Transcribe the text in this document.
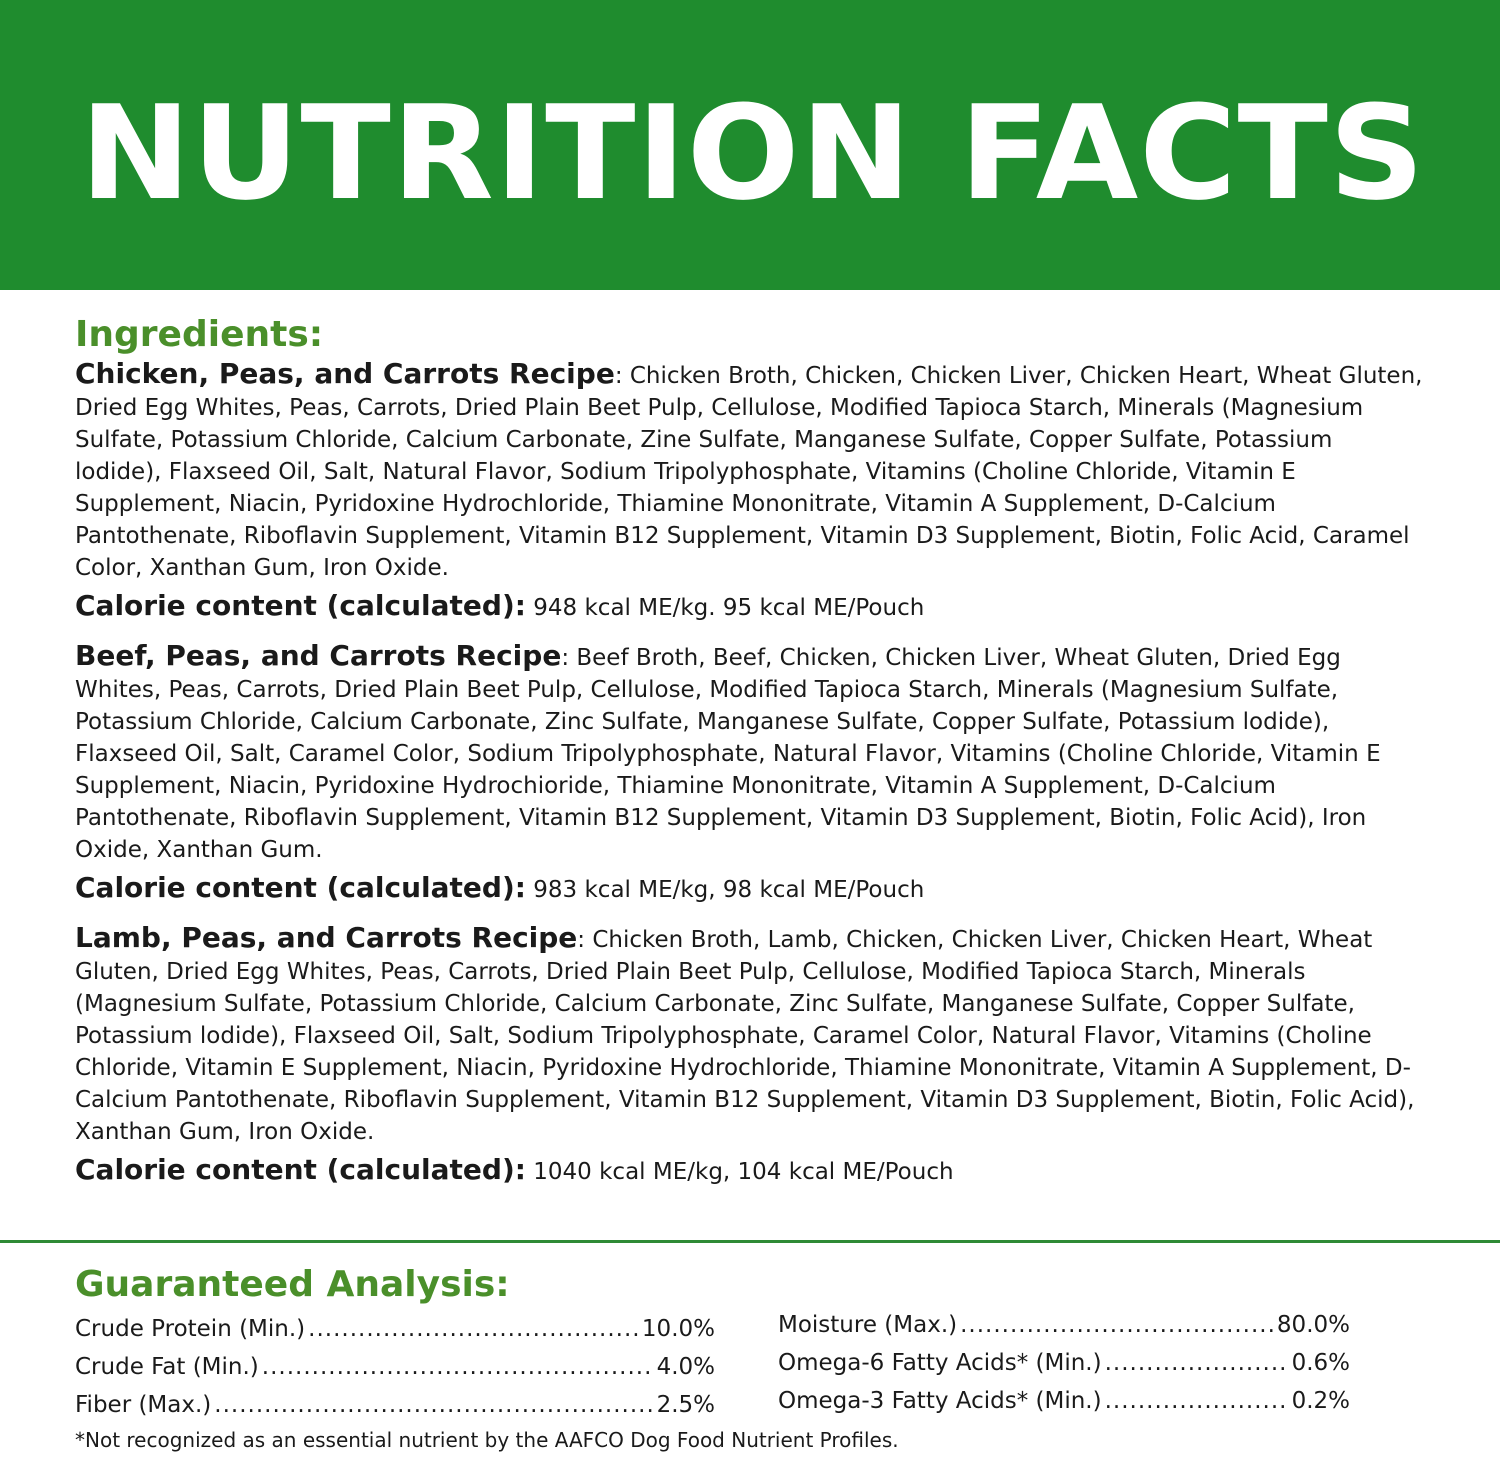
NUTRITION FACTS
Ingredients:

Chicken, Peas, and Carrots Recipe: Chicken Broth, Chicken, Chicken Liver, Chicken Heart, Wheat Gluten, Dried Egg Whites, Peas, Carrots, Dried Plain Beet Pulp, Cellulose, Modified Tapioca Starch, Minerals (Magnesium Sulfate, Potassium Chloride, Calcium Carbonate, Zine Sulfate, Manganese Sulfate, Copper Sulfate, Potassium lodide), Flaxseed Oil, Salt, Natural Flavor, Sodium Tripolyphosphate, Vitamins (Choline Chloride, Vitamin E Supplement, Niacin, Pyridoxine Hydrochloride, Thiamine Mononitrate, Vitamin A Supplement, D-Calcium Pantothenate, Riboflavin Supplement, Vitamin B12 Supplement, Vitamin D3 Supplement, Biotin, Folic Acid, Caramel Color, Xanthan Gum, Iron Oxide.

Calorie content (calculated): 948 kcal ME/kg. 95 kcal ME/Pouch

Beef, Peas, and Carrots Recipe: Beef Broth, Beef, Chicken, Chicken Liver, Wheat Gluten, Dried Egg Whites, Peas, Carrots, Dried Plain Beet Pulp, Cellulose, Modified Tapioca Starch, Minerals (Magnesium Sulfate, Potassium Chloride, Calcium Carbonate, Zinc Sulfate, Manganese Sulfate, Copper Sulfate, Potassium lodide), Flaxseed Oil, Salt, Caramel Color, Sodium Tripolyphosphate, Natural Flavor, Vitamins (Choline Chloride, Vitamin E Supplement, Niacin, Pyridoxine Hydrochioride, Thiamine Mononitrate, Vitamin A Supplement, D-Calcium Pantothenate, Riboflavin Supplement, Vitamin B12 Supplement, Vitamin D3 Supplement, Biotin, Folic Acid), Iron Oxide, Xanthan Gum.

Calorie content (calculated): 983 kcal ME/kg, 98 kcal ME/Pouch

Lamb, Peas, and Carrots Recipe: Chicken Broth, Lamb, Chicken, Chicken Liver, Chicken Heart, Wheat Gluten, Dried Egg Whites, Peas, Carrots, Dried Plain Beet Pulp, Cellulose, Modified Tapioca Starch, Minerals (Magnesium Sulfate, Potassium Chloride, Calcium Carbonate, Zinc Sulfate, Manganese Sulfate, Copper Sulfate, Potassium lodide), Flaxseed Oil, Salt, Sodium Tripolyphosphate, Caramel Color, Natural Flavor, Vitamins (Choline Chloride, Vitamin E Supplement, Niacin, Pyridoxine Hydrochloride, Thiamine Mononitrate, Vitamin A Supplement, D-Calcium Pantothenate, Riboflavin Supplement, Vitamin B12 Supplement, Vitamin D3 Supplement, Biotin, Folic Acid), Xanthan Gum, Iron Oxide.

Calorie content (calculated): 1040 kcal ME/kg, 104 kcal ME/Pouch

Guaranteed Analysis:
Crude Protein (Min.) .....	10.0%
Crude Fat (Min.) .....	4.0%
Fiber (Max.) .....	2.5%
Moisture (Max.) .....	80.0%
Omega-6 Fatty Acids* (Min.) .....	0.6%
Omega-3 Fatty Acids* (Min.) .....	0.2%
*Not recognized as an essential nutrient by the AAFCO Dog Food Nutrient Profiles.
